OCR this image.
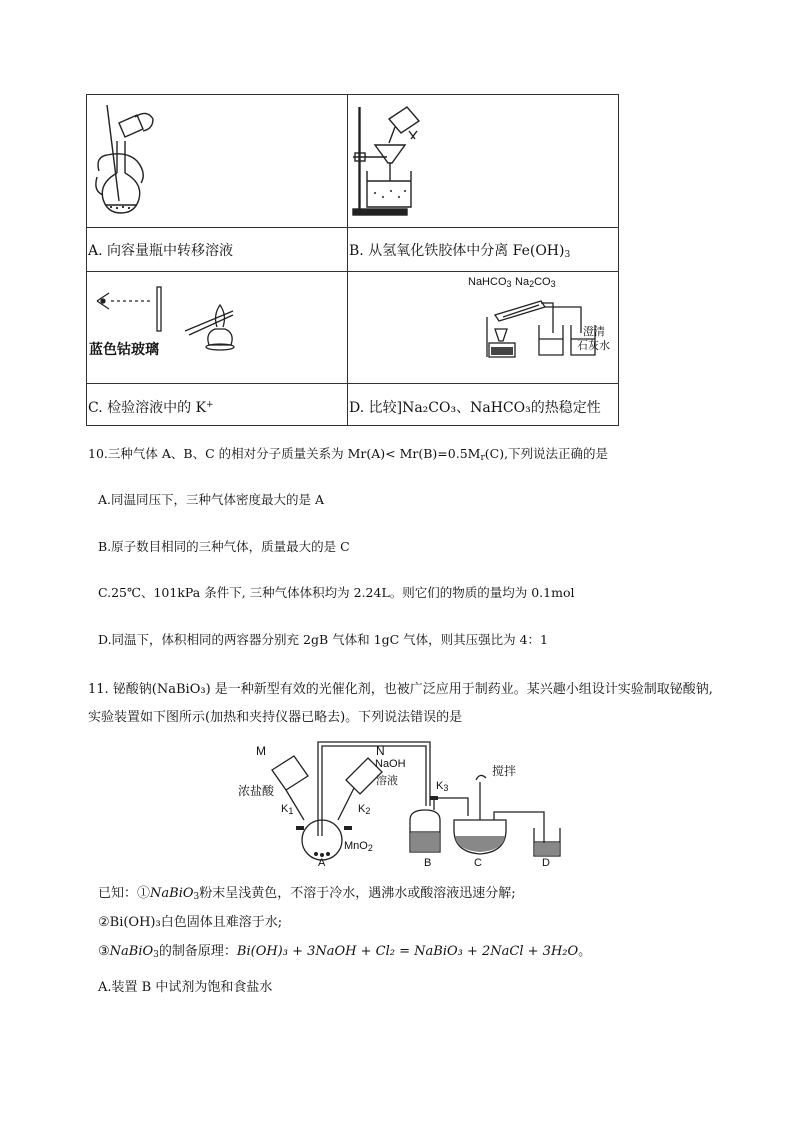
A. 向容量瓶中转移溶液	B. 从氢氧化铁胶体中分离 $Fe(OH)_3$
蓝色钴玻璃
NaHCO$_3$ $Na_2CO_3$
澄清
石灰水
C. 检验溶液中的 K+	D. 比较]Na₂CO₃、NaHCO₃的热稳定性
10.三种气体 A、B、C 的相对分子质量关系为 $Mr(A)< Mr(B)=0.5M_r(C)$,下列说法正确的是
A.同温同压下，三种气体密度最大的是 A
B.原子数目相同的三种气体，质量最大的是 C
C.25℃、101kPa 条件下, 三种气体体积均为 2.24L。则它们的物质的量均为 0.1mol
D.同温下，体积相同的两容器分别充 2gB 气体和 1gC 气体，则其压强比为 4：1
11. 铋酸钠(NaBiO₃) 是一种新型有效的光催化剂，也被广泛应用于制药业。某兴趣小组设计实验制取铋酸钠,
实验装置如下图所示(加热和夹持仪器已略去)。下列说法错误的是
M	N
浓盐酸
NaOH
溶液
$K_1$	$K_2$
$K_3$
搅拌
MnO$_2$
A	B	C	D
已知：①NaBiO$_3$粉末呈浅黄色，不溶于冷水，遇沸水或酸溶液迅速分解;
②Bi(OH)₃白色固体且难溶于水;
③NaBiO$_3$的制备原理：Bi(OH)₃ + 3NaOH + Cl₂ = NaBiO₃ + 2NaCl + 3H₂O。
A.装置 B 中试剂为饱和食盐水
